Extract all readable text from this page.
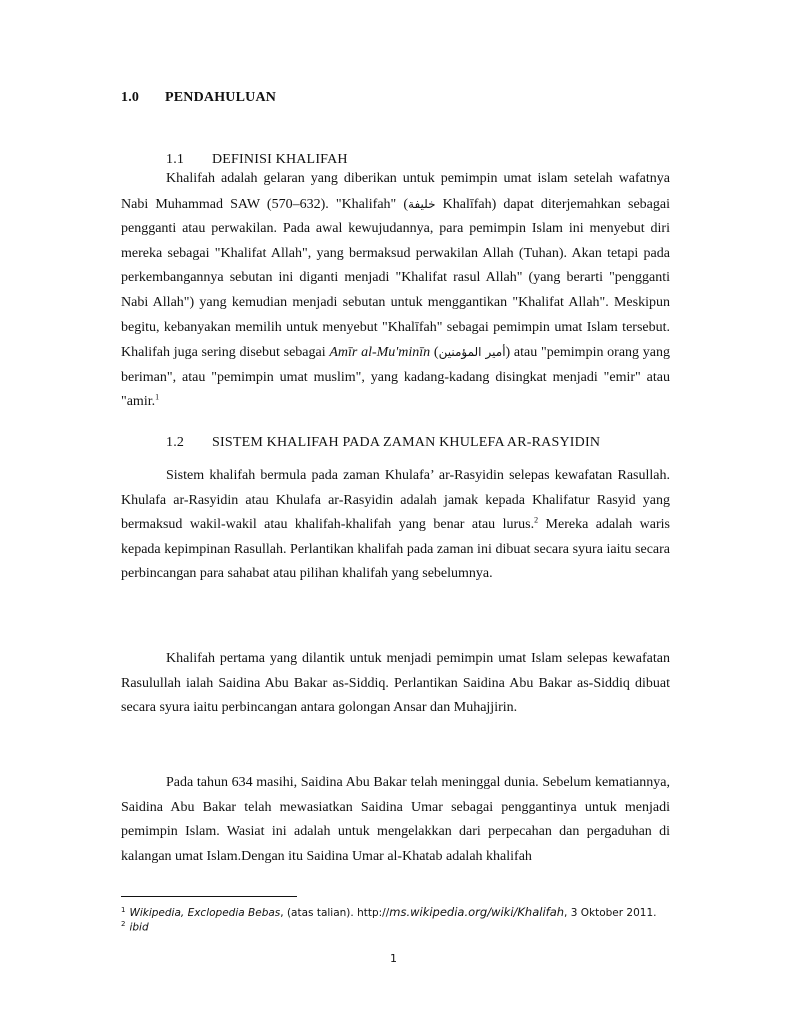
1.0 PENDAHULUAN
1.1 DEFINISI KHALIFAH

Khalifah adalah gelaran yang diberikan untuk pemimpin umat islam setelah wafatnya Nabi Muhammad SAW (570–632). "Khalifah" (خليفة Khalīfah) dapat diterjemahkan sebagai pengganti atau perwakilan. Pada awal kewujudannya, para pemimpin Islam ini menyebut diri mereka sebagai "Khalifat Allah", yang bermaksud perwakilan Allah (Tuhan). Akan tetapi pada perkembangannya sebutan ini diganti menjadi "Khalifat rasul Allah" (yang berarti "pengganti Nabi Allah") yang kemudian menjadi sebutan untuk menggantikan "Khalifat Allah". Meskipun begitu, kebanyakan memilih untuk menyebut "Khalīfah" sebagai pemimpin umat Islam tersebut. Khalifah juga sering disebut sebagai Amīr al-Mu'minīn (أمير المؤمنين) atau "pemimpin orang yang beriman", atau "pemimpin umat muslim", yang kadang-kadang disingkat menjadi "emir" atau "amir.$^1$

1.2 SISTEM KHALIFAH PADA ZAMAN KHULEFA AR-RASYIDIN

Sistem khalifah bermula pada zaman Khulafa’ ar-Rasyidin selepas kewafatan Rasullah. Khulafa ar-Rasyidin atau Khulafa ar-Rasyidin adalah jamak kepada Khalifatur Rasyid yang bermaksud wakil-wakil atau khalifah-khalifah yang benar atau lurus.$^2$ Mereka adalah waris kepada kepimpinan Rasullah. Perlantikan khalifah pada zaman ini dibuat secara syura iaitu secara perbincangan para sahabat atau pilihan khalifah yang sebelumnya.

Khalifah pertama yang dilantik untuk menjadi pemimpin umat Islam selepas kewafatan Rasulullah ialah Saidina Abu Bakar as-Siddiq. Perlantikan Saidina Abu Bakar as-Siddiq dibuat secara syura iaitu perbincangan antara golongan Ansar dan Muhajjirin.

Pada tahun 634 masihi, Saidina Abu Bakar telah meninggal dunia. Sebelum kematiannya, Saidina Abu Bakar telah mewasiatkan Saidina Umar sebagai penggantinya untuk menjadi pemimpin Islam. Wasiat ini adalah untuk mengelakkan dari perpecahan dan pergaduhan di kalangan umat Islam.Dengan itu Saidina Umar al-Khatab adalah khalifah

$^1$ Wikipedia, Exclopedia Bebas, (atas talian). http://ms.wikipedia.org/wiki/Khalifah, 3 Oktober 2011.
$^2$ ibid
1
